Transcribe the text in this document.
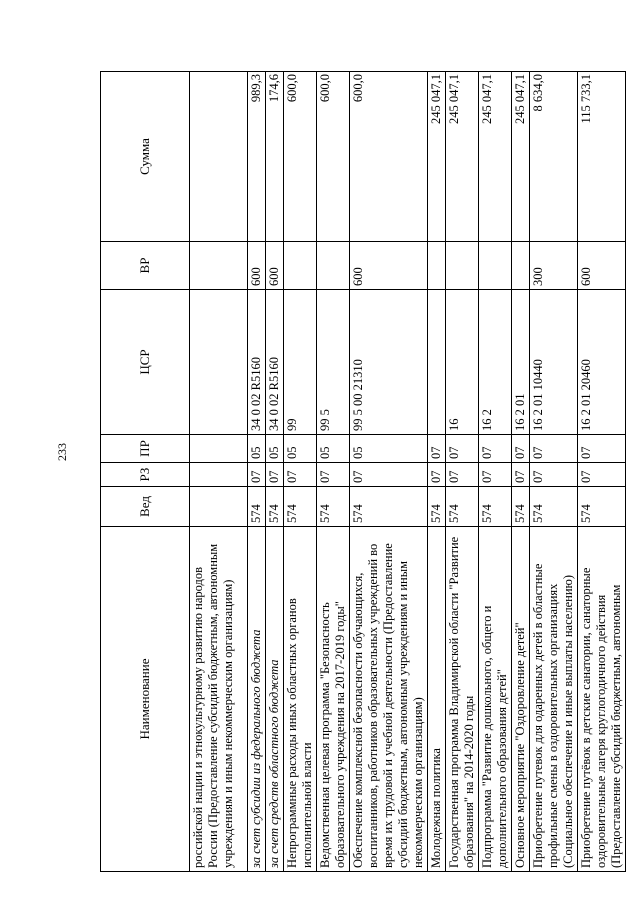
233
Наименование	Вед	РЗ	ПР	ЦСР	ВР	Сумма
российской нации и этнокультурному развитию народов России (Предоставление субсидий бюджетным, автономным учреждениям и иным некоммерческим организациям)						
за счет субсидии из федерального бюджета	574	07	05	34 0 02 R5160	600	989,3
за счет средств областного бюджета	574	07	05	34 0 02 R5160	600	174,6
Непрограммные расходы иных областных органов исполнительной власти	574	07	05	99		600,0
Ведомственная целевая программа "Безопасность образовательного учреждения на 2017-2019 годы"	574	07	05	99 5		600,0
Обеспечение комплексной безопасности обучающихся, воспитанников, работников образовательных учреждений во время их трудовой и учебной деятельности (Предоставление субсидий бюджетным, автономным учреждениям и иным некоммерческим организациям)	574	07	05	99 5 00 21310	600	600,0
Молодежная политика	574	07	07			245 047,1
Государственная программа Владимирской области "Развитие образования" на 2014-2020 годы	574	07	07	16		245 047,1
Подпрограмма "Развитие дошкольного, общего и дополнительного образования детей"	574	07	07	16 2		245 047,1
Основное мероприятие "Оздоровление детей"	574	07	07	16 2 01		245 047,1
Приобретение путевок для одаренных детей в областные профильные смены в оздоровительных организациях (Социальное обеспечение и иные выплаты населению)	574	07	07	16 2 01 10440	300	8 634,0
Приобретение путёвок в детские санатории, санаторные оздоровительные лагеря круглогодичного действия (Предоставление субсидий бюджетным, автономным	574	07	07	16 2 01 20460	600	115 733,1
